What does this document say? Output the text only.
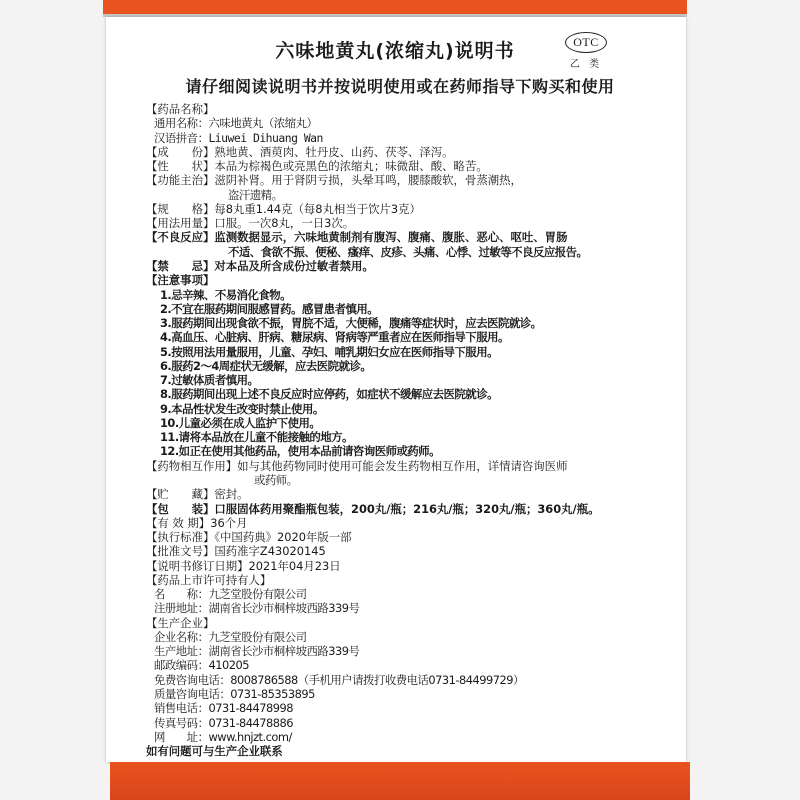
OTC
乙 类
六味地黄丸(浓缩丸)说明书
请仔细阅读说明书并按说明使用或在药师指导下购买和使用
【药品名称】
通用名称：六味地黄丸（浓缩丸）
汉语拼音：Liuwei Dihuang Wan
【成　　份】熟地黄、酒萸肉、牡丹皮、山药、茯苓、泽泻。
【性　　状】本品为棕褐色或亮黑色的浓缩丸；味微甜、酸、略苦。
【功能主治】滋阴补肾。用于肾阴亏损，头晕耳鸣，腰膝酸软，骨蒸潮热，
盗汗遗精。
【规　　格】每8丸重1.44克（每8丸相当于饮片3克）
【用法用量】口服。一次8丸，一日3次。
【不良反应】监测数据显示，六味地黄制剂有腹泻、腹痛、腹胀、恶心、呕吐、胃肠
不适、食欲不振、便秘、瘙痒、皮疹、头痛、心悸、过敏等不良反应报告。
【禁　　忌】对本品及所含成份过敏者禁用。
【注意事项】
1.忌辛辣、不易消化食物。
2.不宜在服药期间服感冒药。感冒患者慎用。
3.服药期间出现食欲不振，胃脘不适，大便稀，腹痛等症状时，应去医院就诊。
4.高血压、心脏病、肝病、糖尿病、肾病等严重者应在医师指导下服用。
5.按照用法用量服用，儿童、孕妇、哺乳期妇女应在医师指导下服用。
6.服药2～4周症状无缓解，应去医院就诊。
7.过敏体质者慎用。
8.服药期间出现上述不良反应时应停药，如症状不缓解应去医院就诊。
9.本品性状发生改变时禁止使用。
10.儿童必须在成人监护下使用。
11.请将本品放在儿童不能接触的地方。
12.如正在使用其他药品，使用本品前请咨询医师或药师。
【药物相互作用】如与其他药物同时使用可能会发生药物相互作用，详情请咨询医师
或药师。
【贮　　藏】密封。
【包　　装】口服固体药用聚酯瓶包装，200丸/瓶；216丸/瓶；320丸/瓶；360丸/瓶。
【有 效 期】36个月
【执行标准】《中国药典》2020年版一部
【批准文号】国药准字Z43020145
【说明书修订日期】2021年04月23日
【药品上市许可持有人】
名　　称：九芝堂股份有限公司
注册地址：湖南省长沙市桐梓坡西路339号
【生产企业】
企业名称：九芝堂股份有限公司
生产地址：湖南省长沙市桐梓坡西路339号
邮政编码：410205
免费咨询电话：8008786588（手机用户请拨打收费电话0731-84499729）
质量咨询电话：0731-85353895
销售电话：0731-84478998
传真号码：0731-84478886
网　　址：www.hnjzt.com/
如有问题可与生产企业联系
